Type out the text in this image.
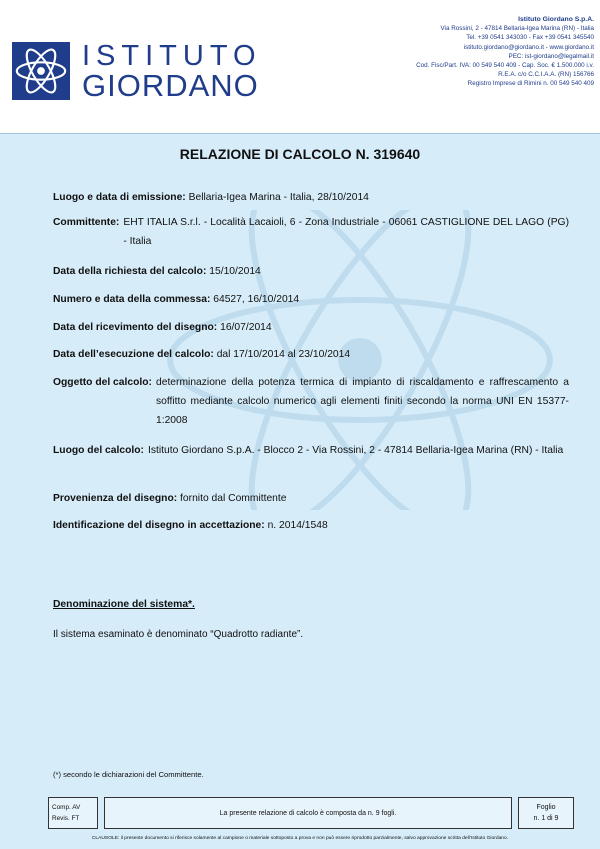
ISTITUTO
GIORDANO
Istituto Giordano S.p.A.
Via Rossini, 2 - 47814 Bellaria-Igea Marina (RN) - Italia
Tel. +39 0541 343030 - Fax +39 0541 345540
istituto.giordano@giordano.it - www.giordano.it
PEC: ist-giordano@legalmail.it
Cod. Fisc/Part. IVA: 00 549 540 409 - Cap. Soc. € 1.500.000 i.v.
R.E.A. c/o C.C.I.A.A. (RN) 156766
Registro Imprese di Rimini n. 00 549 540 409
RELAZIONE DI CALCOLO N. 319640
Luogo e data di emissione: Bellaria-Igea Marina - Italia, 28/10/2014
Committente: EHT ITALIA S.r.l. - Località Lacaioli, 6 - Zona Industriale - 06061 CASTIGLIONE DEL LAGO (PG) - Italia
Data della richiesta del calcolo: 15/10/2014
Numero e data della commessa: 64527, 16/10/2014
Data del ricevimento del disegno: 16/07/2014
Data dell’esecuzione del calcolo: dal 17/10/2014 al 23/10/2014
Oggetto del calcolo: determinazione della potenza termica di impianto di riscaldamento e raffrescamento a soffitto mediante calcolo numerico agli elementi finiti secondo la norma UNI EN 15377-1:2008
Luogo del calcolo: Istituto Giordano S.p.A. - Blocco 2 - Via Rossini, 2 - 47814 Bellaria-Igea Marina (RN) - Italia
Provenienza del disegno: fornito dal Committente
Identificazione del disegno in accettazione: n. 2014/1548
Denominazione del sistema*.
Il sistema esaminato è denominato “Quadrotto radiante”.
(*) secondo le dichiarazioni del Committente.
Comp. AV
Revis. FT
La presente relazione di calcolo è composta da n. 9 fogli.
Foglio
n. 1 di 9
CLAUSOLE: il presente documento si riferisce solamente al campione o materiale sottoposto a prova e non può essere riprodotto parzialmente, salvo approvazione scritta dell’Istituto Giordano.
